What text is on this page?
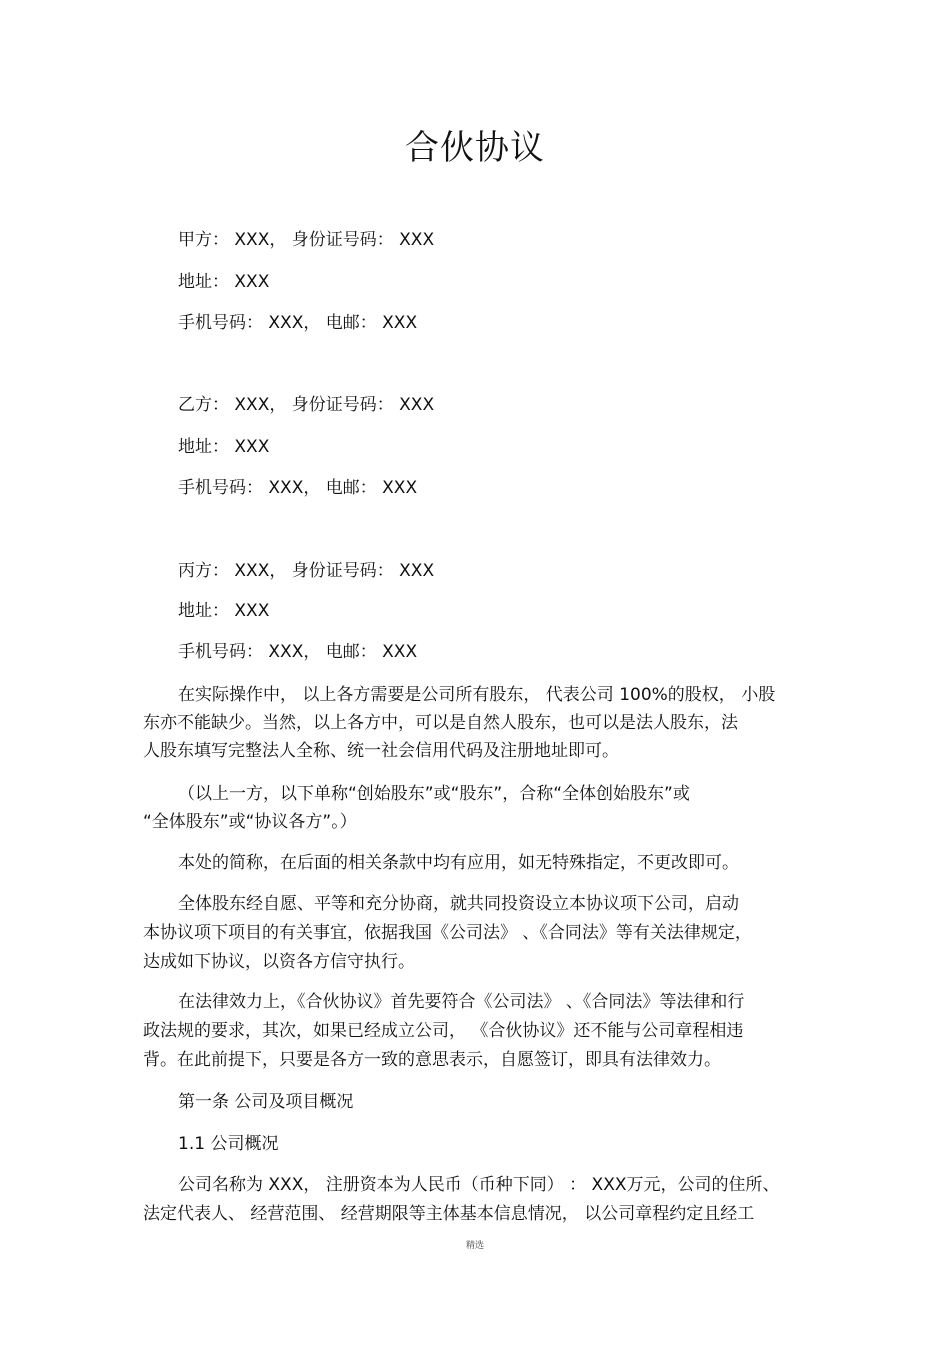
合伙协议
甲方： XXX， 身份证号码： XXX
地址： XXX
手机号码： XXX， 电邮： XXX
乙方： XXX， 身份证号码： XXX
地址： XXX
手机号码： XXX， 电邮： XXX
丙方： XXX， 身份证号码： XXX
地址： XXX
手机号码： XXX， 电邮： XXX
在实际操作中， 以上各方需要是公司所有股东， 代表公司 100%的股权， 小股
东亦不能缺少。当然，以上各方中，可以是自然人股东，也可以是法人股东，法
人股东填写完整法人全称、统一社会信用代码及注册地址即可。
（以上一方，以下单称“创始股东”或“股东”，合称“全体创始股东”或
“全体股东”或“协议各方”。）
本处的简称，在后面的相关条款中均有应用，如无特殊指定，不更改即可。
全体股东经自愿、平等和充分协商，就共同投资设立本协议项下公司，启动
本协议项下项目的有关事宜，依据我国《公司法》 、《合同法》等有关法律规定，
达成如下协议，以资各方信守执行。
在法律效力上，《合伙协议》首先要符合《公司法》 、《合同法》等法律和行
政法规的要求，其次，如果已经成立公司， 《合伙协议》还不能与公司章程相违
背。在此前提下，只要是各方一致的意思表示，自愿签订，即具有法律效力。
第一条 公司及项目概况
1.1 公司概况
公司名称为 XXX， 注册资本为人民币（币种下同） ： XXX万元，公司的住所、
法定代表人、 经营范围、 经营期限等主体基本信息情况， 以公司章程约定且经工
精选
